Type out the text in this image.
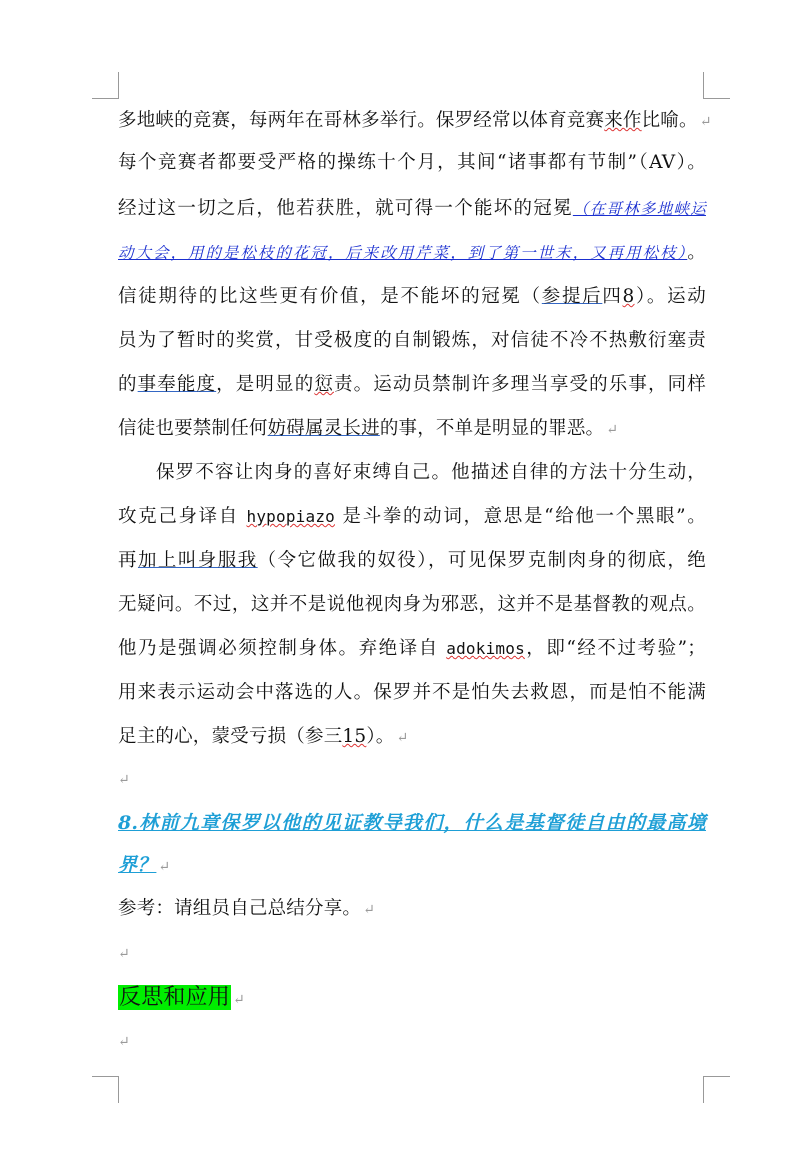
多地峡的竞赛，每两年在哥林多举行。保罗经常以体育竞赛来作比喻。 ↵
每个竞赛者都要受严格的操练十个月，其间“诸事都有节制”（AV）。
经过这一切之后，他若获胜，就可得一个能坏的冠冕（在哥林多地峡运
动大会，用的是松枝的花冠，后来改用芹菜，到了第一世末，又再用松枝）。
信徒期待的比这些更有价值，是不能坏的冠冕（参提后四8）。运动
员为了暂时的奖赏，甘受极度的自制锻炼，对信徒不冷不热敷衍塞责
的事奉能度，是明显的愆责。运动员禁制许多理当享受的乐事，同样
信徒也要禁制任何妨碍属灵长进的事，不单是明显的罪恶。 ↵
保罗不容让肉身的喜好束缚自己。他描述自律的方法十分生动，
攻克己身译自 hypopiazo 是斗拳的动词，意思是“给他一个黑眼”。
再加上叫身服我（令它做我的奴役），可见保罗克制肉身的彻底，绝
无疑问。不过，这并不是说他视肉身为邪恶，这并不是基督教的观点。
他乃是强调必须控制身体。弃绝译自 adokimos，即“经不过考验”；
用来表示运动会中落选的人。保罗并不是怕失去救恩，而是怕不能满
足主的心，蒙受亏损（参三15）。 ↵
↵
8.林前九章保罗以他的见证教导我们，什么是基督徒自由的最高境
界？ ↵
参考：请组员自己总结分享。 ↵
↵
反思和应用 ↵
↵
